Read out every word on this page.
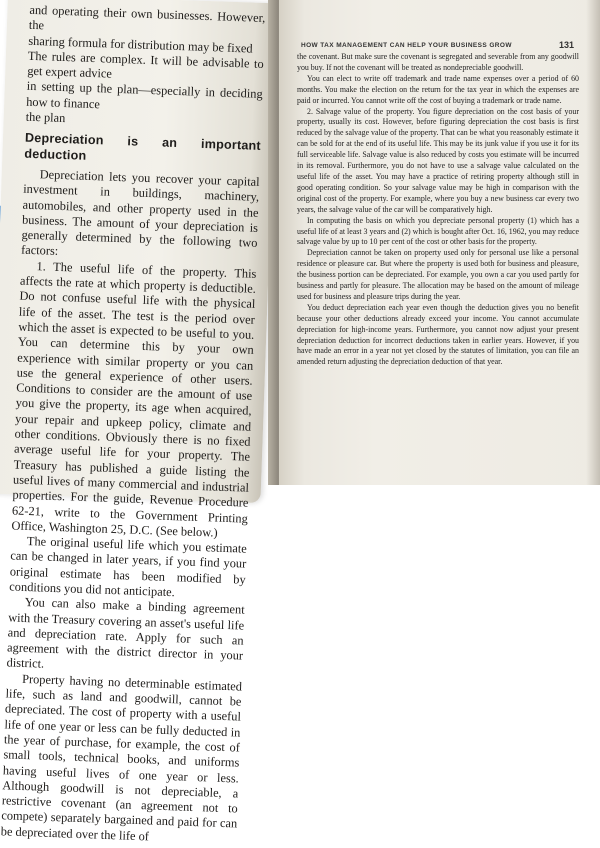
and operating their own businesses. However, the

sharing formula for distribution may be fixed

The rules are complex. It will be advisable to get expert advice

in setting up the plan—especially in deciding how to finance

the plan

Depreciation is an important deduction

Depreciation lets you recover your capital investment in buildings, machinery, automobiles, and other property used in the business. The amount of your depreciation is generally determined by the following two factors:

1. The useful life of the property. This affects the rate at which property is deductible. Do not confuse useful life with the physical life of the asset. The test is the period over which the asset is expected to be useful to you. You can determine this by your own experience with similar property or you can use the general experience of other users. Conditions to consider are the amount of use you give the property, its age when acquired, your repair and upkeep policy, climate and other conditions. Obviously there is no fixed average useful life for your property. The Treasury has published a guide listing the useful lives of many commercial and industrial properties. For the guide, Revenue Procedure 62-21, write to the Government Printing Office, Washington 25, D.C. (See below.)

The original useful life which you estimate can be changed in later years, if you find your original estimate has been modified by conditions you did not anticipate.

You can also make a binding agreement with the Treasury covering an asset's useful life and depreciation rate. Apply for such an agreement with the district director in your district.

Property having no determinable estimated life, such as land and goodwill, cannot be depreciated. The cost of property with a useful life of one year or less can be fully deducted in the year of purchase, for example, the cost of small tools, technical books, and uniforms having useful lives of one year or less. Although goodwill is not depreciable, a restrictive covenant (an agreement not to compete) separately bargained and paid for can be depreciated over the life of

HOW TAX MANAGEMENT CAN HELP YOUR BUSINESS GROW	131

the covenant. But make sure the covenant is segregated and severable from any goodwill you buy. If not the covenant will be treated as nondepreciable goodwill.

You can elect to write off trademark and trade name expenses over a period of 60 months. You make the election on the return for the tax year in which the expenses are paid or incurred. You cannot write off the cost of buying a trademark or trade name.

2. Salvage value of the property. You figure depreciation on the cost basis of your property, usually its cost. However, before figuring depreciation the cost basis is first reduced by the salvage value of the property. That can be what you reasonably estimate it can be sold for at the end of its useful life. This may be its junk value if you use it for its full serviceable life. Salvage value is also reduced by costs you estimate will be incurred in its removal. Furthermore, you do not have to use a salvage value calculated on the useful life of the asset. You may have a practice of retiring property although still in good operating condition. So your salvage value may be high in comparison with the original cost of the property. For example, where you buy a new business car every two years, the salvage value of the car will be comparatively high.

In computing the basis on which you depreciate personal property (1) which has a useful life of at least 3 years and (2) which is bought after Oct. 16, 1962, you may reduce salvage value by up to 10 per cent of the cost or other basis for the property.

Depreciation cannot be taken on property used only for personal use like a personal residence or pleasure car. But where the property is used both for business and pleasure, the business portion can be depreciated. For example, you own a car you used partly for business and partly for pleasure. The allocation may be based on the amount of mileage used for business and pleasure trips during the year.

You deduct depreciation each year even though the deduction gives you no benefit because your other deductions already exceed your income. You cannot accumulate depreciation for high-income years. Furthermore, you cannot now adjust your present depreciation deduction for incorrect deductions taken in earlier years. However, if you have made an error in a year not yet closed by the statutes of limitation, you can file an amended return adjusting the depreciation deduction of that year.
